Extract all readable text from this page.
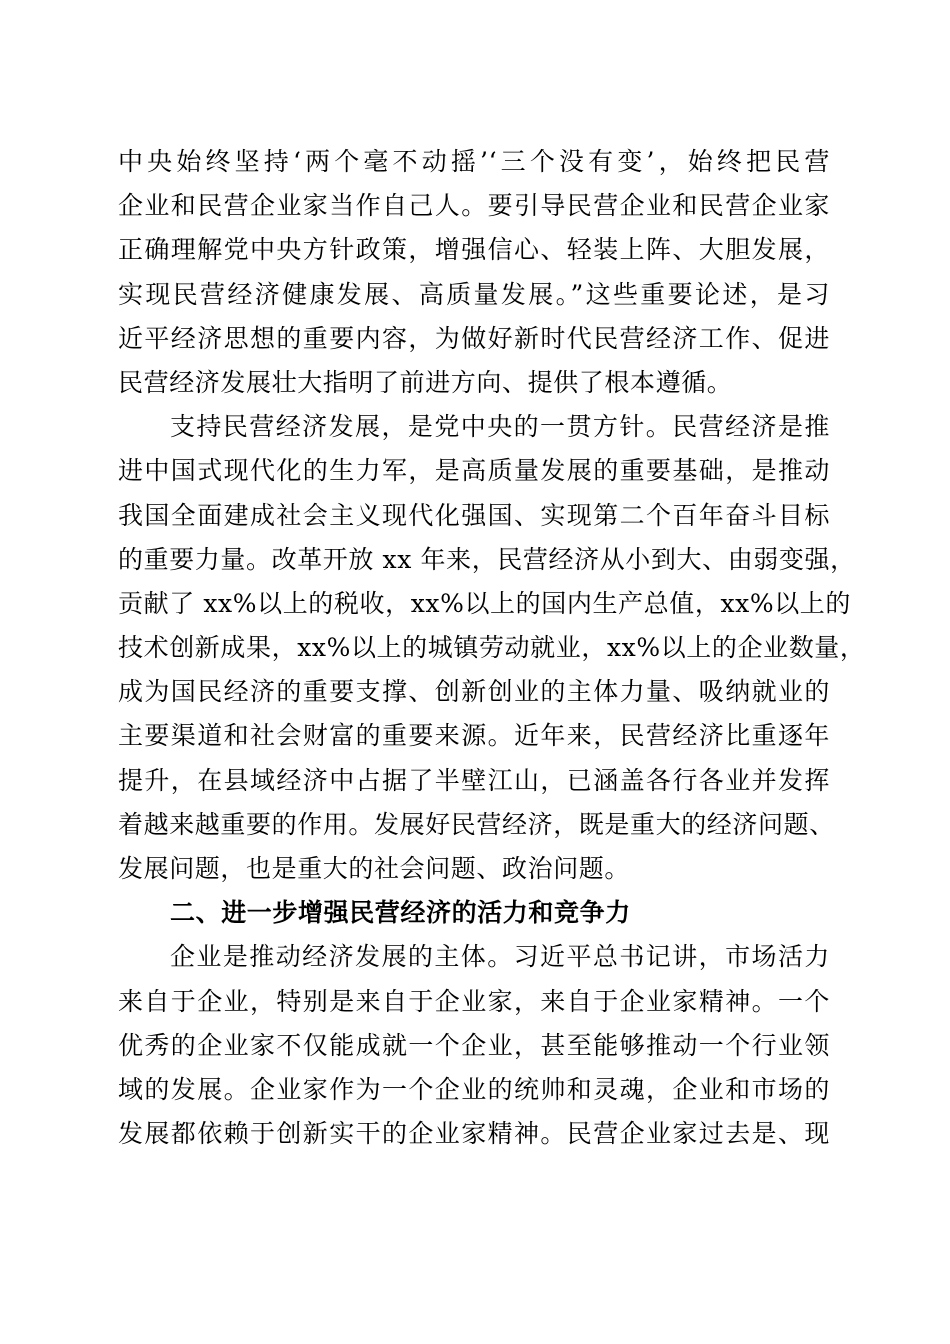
中央始终坚持‘两个毫不动摇’‘三个没有变’，始终把民营
企业和民营企业家当作自己人。要引导民营企业和民营企业家
正确理解党中央方针政策，增强信心、轻装上阵、大胆发展，
实现民营经济健康发展、高质量发展。”这些重要论述，是习
近平经济思想的重要内容，为做好新时代民营经济工作、促进
民营经济发展壮大指明了前进方向、提供了根本遵循。
支持民营经济发展，是党中央的一贯方针。民营经济是推
进中国式现代化的生力军，是高质量发展的重要基础，是推动
我国全面建成社会主义现代化强国、实现第二个百年奋斗目标
的重要力量。改革开放 xx 年来，民营经济从小到大、由弱变强，
贡献了 xx%以上的税收，xx%以上的国内生产总值，xx%以上的
技术创新成果，xx%以上的城镇劳动就业，xx%以上的企业数量，
成为国民经济的重要支撑、创新创业的主体力量、吸纳就业的
主要渠道和社会财富的重要来源。近年来，民营经济比重逐年
提升，在县域经济中占据了半壁江山，已涵盖各行各业并发挥
着越来越重要的作用。发展好民营经济，既是重大的经济问题、
发展问题，也是重大的社会问题、政治问题。
二、进一步增强民营经济的活力和竞争力
企业是推动经济发展的主体。习近平总书记讲，市场活力
来自于企业，特别是来自于企业家，来自于企业家精神。一个
优秀的企业家不仅能成就一个企业，甚至能够推动一个行业领
域的发展。企业家作为一个企业的统帅和灵魂，企业和市场的
发展都依赖于创新实干的企业家精神。民营企业家过去是、现
